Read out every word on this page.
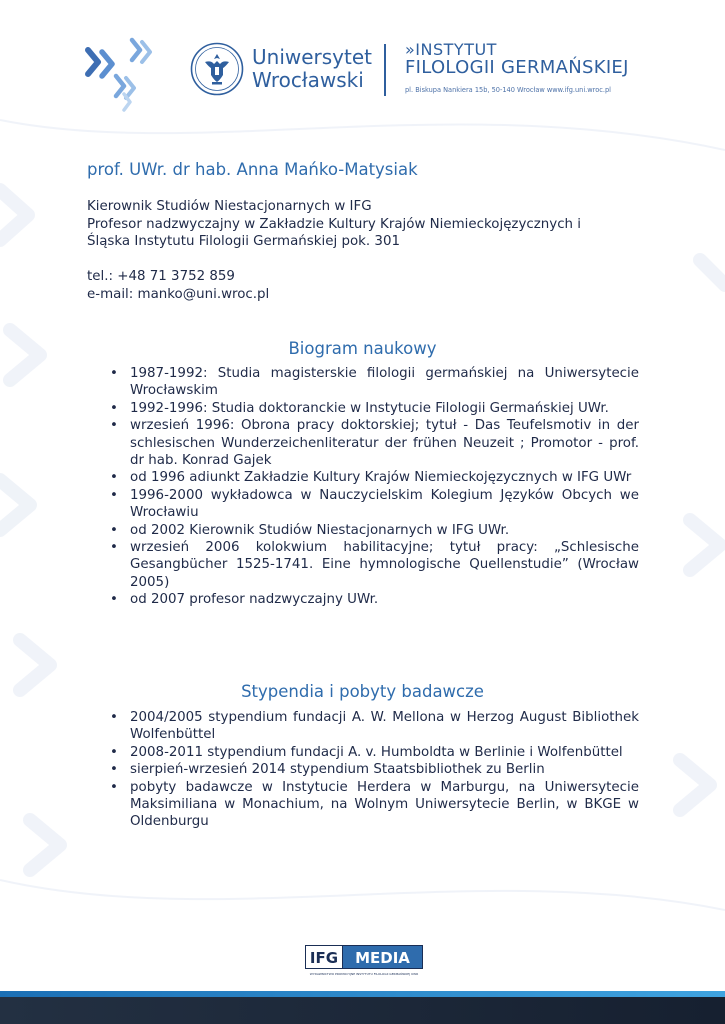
Uniwersytet
Wrocławski
»INSTYTUT
FILOLOGII GERMAŃSKIEJ
pl. Biskupa Nankiera 15b, 50-140 Wrocław www.ifg.uni.wroc.pl
prof. UWr. dr hab. Anna Mańko-Matysiak
Kierownik Studiów Niestacjonarnych w IFG
Profesor nadzwyczajny w Zakładzie Kultury Krajów Niemieckojęzycznych i
Śląska Instytutu Filologii Germańskiej pok. 301
tel.: +48 71 3752 859
e-mail: manko@uni.wroc.pl
Biogram naukowy
• 1987-1992: Studia magisterskie filologii germańskiej na Uniwersytecie Wrocławskim
• 1992-1996: Studia doktoranckie w Instytucie Filologii Germańskiej UWr.
• wrzesień 1996: Obrona pracy doktorskiej; tytuł - Das Teufelsmotiv in der schlesischen Wunderzeichenliteratur der frühen Neuzeit ; Promotor - prof. dr hab. Konrad Gajek
• od 1996 adiunkt Zakładzie Kultury Krajów Niemieckojęzycznych w IFG UWr
• 1996-2000 wykładowca w Nauczycielskim Kolegium Języków Obcych we Wrocławiu
• od 2002 Kierownik Studiów Niestacjonarnych w IFG UWr.
• wrzesień 2006 kolokwium habilitacyjne; tytuł pracy: „Schlesische Gesangbücher 1525-1741. Eine hymnologische Quellenstudie” (Wrocław 2005)
• od 2007 profesor nadzwyczajny UWr.
Stypendia i pobyty badawcze
• 2004/2005 stypendium fundacji A. W. Mellona w Herzog August Bibliothek Wolfenbüttel
• 2008-2011 stypendium fundacji A. v. Humboldta w Berlinie i Wolfenbüttel
• sierpień-wrzesień 2014 stypendium Staatsbibliothek zu Berlin
• pobyty badawcze w Instytucie Herdera w Marburgu, na Uniwersytecie Maksimiliana w Monachium, na Wolnym Uniwersytecie Berlin, w BKGE w Oldenburgu
IFG MEDIA
WYDAWNICTWO PROMOCYJNE INSTYTUTU FILOLOGII GERMAŃSKIEJ UWR
